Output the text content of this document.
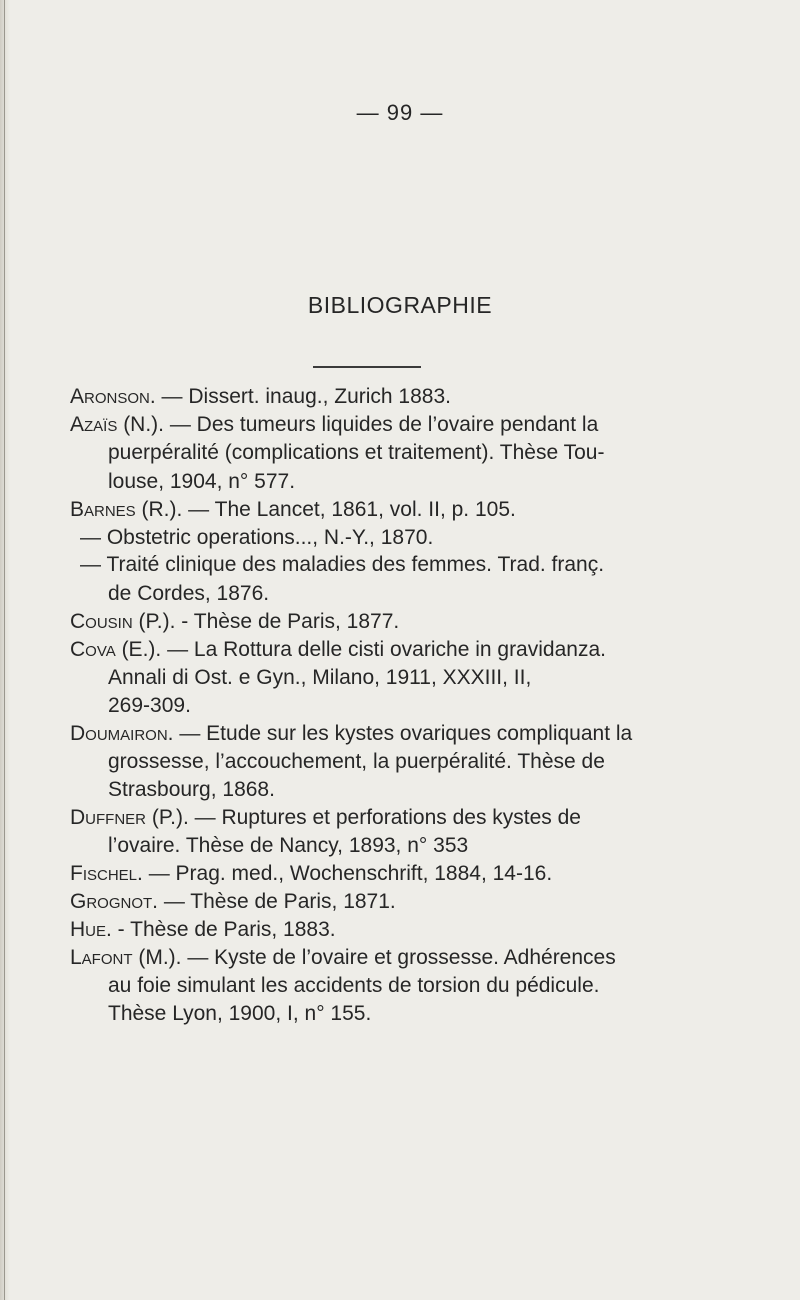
— 99 —
BIBLIOGRAPHIE
Aronson. — Dissert. inaug., Zurich 1883.
Azaïs (N.). — Des tumeurs liquides de l’ovaire pendant la
puerpéralité (complications et traitement). Thèse Tou-
louse, 1904, n° 577.
Barnes (R.). — The Lancet, 1861, vol. II, p. 105.
— Obstetric operations..., N.-Y., 1870.
— Traité clinique des maladies des femmes. Trad. franç.
de Cordes, 1876.
Cousin (P.). - Thèse de Paris, 1877.
Cova (E.). — La Rottura delle cisti ovariche in gravidanza.
Annali di Ost. e Gyn., Milano, 1911, XXXIII, II,
269-309.
Doumairon. — Etude sur les kystes ovariques compliquant la
grossesse, l’accouchement, la puerpéralité. Thèse de
Strasbourg, 1868.
Duffner (P.). — Ruptures et perforations des kystes de
l’ovaire. Thèse de Nancy, 1893, n° 353
Fischel. — Prag. med., Wochenschrift, 1884, 14-16.
Grognot. — Thèse de Paris, 1871.
Hue. - Thèse de Paris, 1883.
Lafont (M.). — Kyste de l’ovaire et grossesse. Adhérences
au foie simulant les accidents de torsion du pédicule.
Thèse Lyon, 1900, I, n° 155.
